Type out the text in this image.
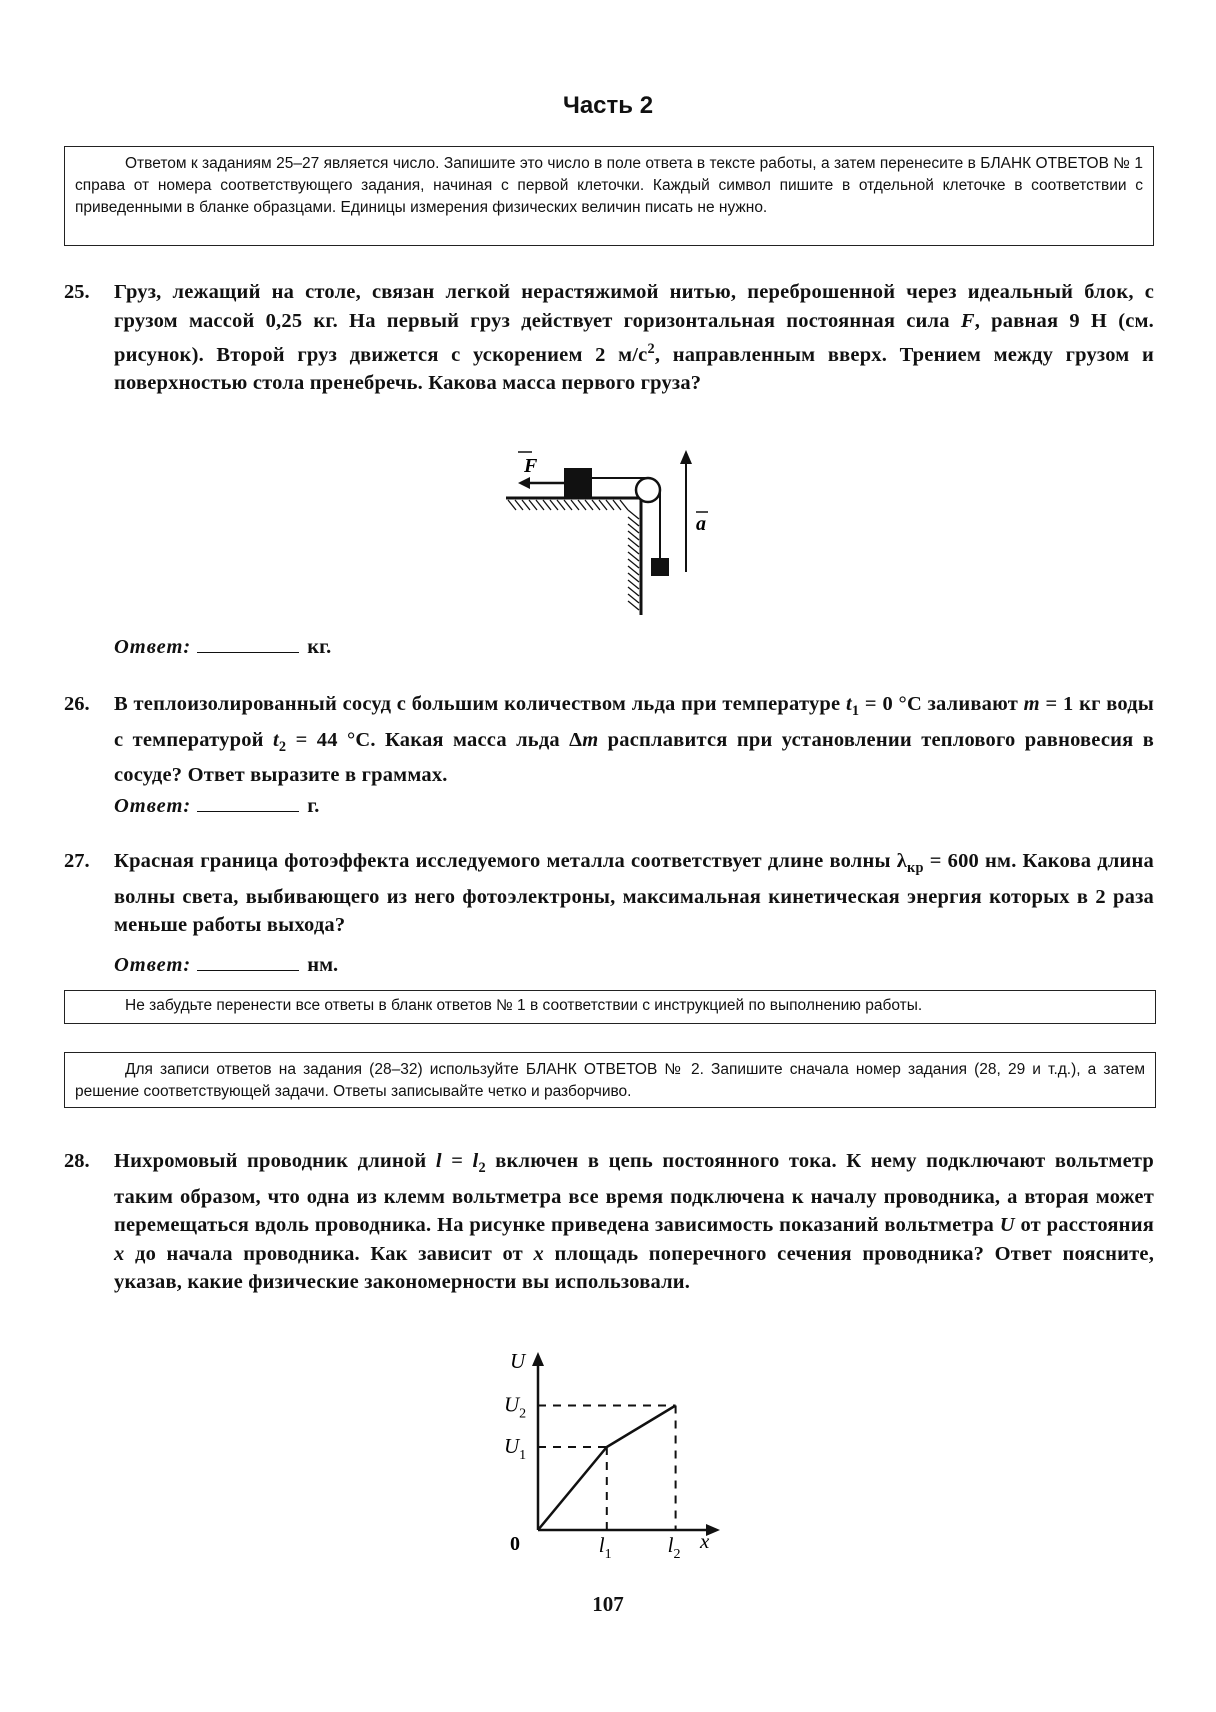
Часть 2

Ответом к заданиям 25–27 является число. Запишите это число в поле ответа в тексте работы, а затем перенесите в БЛАНК ОТВЕТОВ № 1 справа от номера соответствующего задания, начиная с первой клеточки. Каждый символ пишите в отдельной клеточке в соответствии с приведенными в бланке образцами. Единицы измерения физических величин писать не нужно.

25. Груз, лежащий на столе, связан легкой нерастяжимой нитью, переброшенной через идеальный блок, с грузом массой 0,25 кг. На первый груз действует горизонтальная постоянная сила F, равная 9 Н (см. рисунок). Второй груз движется с ускорением 2 $м/с^2$, направленным вверх. Трением между грузом и поверхностью стола пренебречь. Какова масса первого груза?
F
a
Ответ:	кг.
26. В теплоизолированный сосуд с большим количеством льда при температуре $t_1 = 0$ °С заливают m = 1 кг воды с температурой $t_2 = 44$ °С. Какая масса льда Δm расплавится при установлении теплового равновесия в сосуде? Ответ выразите в граммах.
Ответ:	г.
27. Красная граница фотоэффекта исследуемого металла соответствует длине волны $\lambda_{кр} = 600$ нм. Какова длина волны света, выбивающего из него фотоэлектроны, максимальная кинетическая энергия которых в 2 раза меньше работы выхода?
Ответ:	нм.

Не забудьте перенести все ответы в бланк ответов № 1 в соответствии с инструкцией по выполнению работы.

Для записи ответов на задания (28–32) используйте БЛАНК ОТВЕТОВ № 2. Запишите сначала номер задания (28, 29 и т.д.), а затем решение соответствующей задачи. Ответы записывайте четко и разборчиво.

28. Нихромовый проводник длиной $l = l_2$ включен в цепь постоянного тока. К нему подключают вольтметр таким образом, что одна из клемм вольтметра все время подключена к началу проводника, а вторая может перемещаться вдоль проводника. На рисунке приведена зависимость показаний вольтметра U от расстояния x до начала проводника. Как зависит от x площадь поперечного сечения проводника? Ответ поясните, указав, какие физические закономерности вы использовали.
U
x
0
$U_1$
$U_2$
$l_1$	$l_2$
107
